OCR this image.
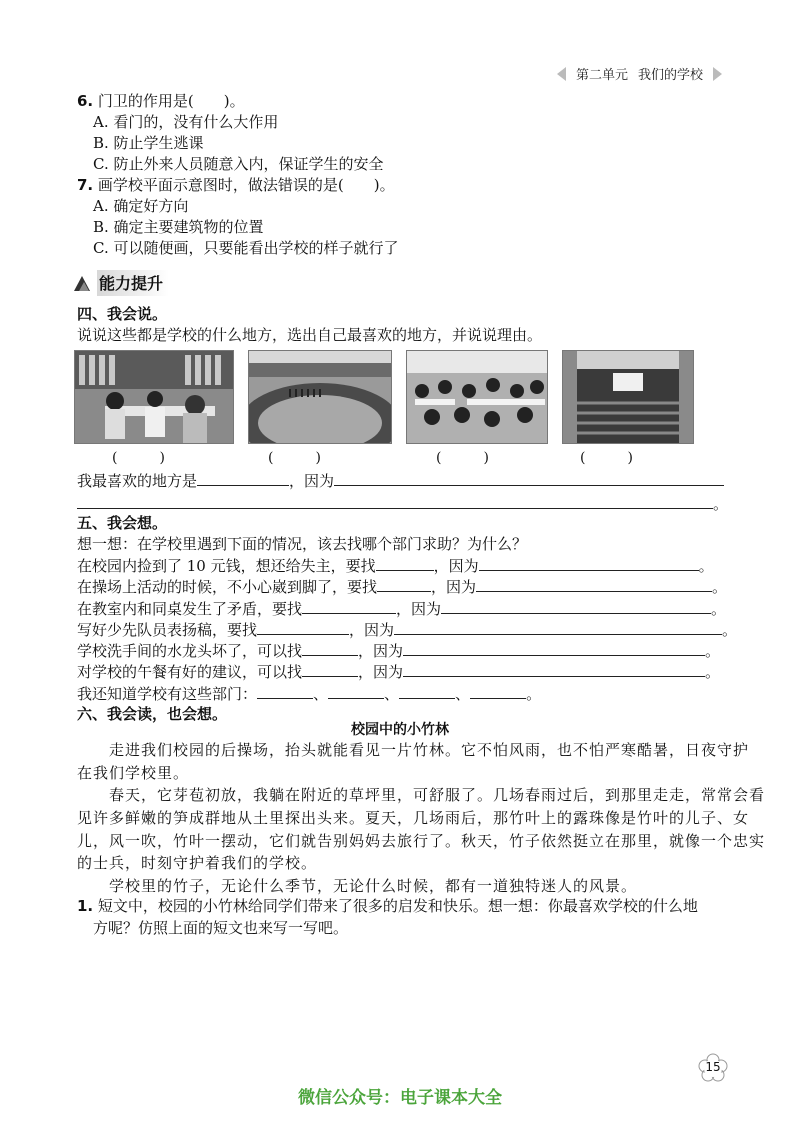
第二单元 我们的学校
6. 门卫的作用是(　　)。
A. 看门的，没有什么大作用
B. 防止学生逃课
C. 防止外来人员随意入内，保证学生的安全
7. 画学校平面示意图时，做法错误的是(　　)。
A. 确定好方向
B. 确定主要建筑物的位置
C. 可以随便画，只要能看出学校的样子就行了
能力提升
四、我会说。
说说这些都是学校的什么地方，选出自己最喜欢的地方，并说说理由。
(　　　)	(　　　)	(　　　)	(　　　)
我最喜欢的地方是	，因为
。
五、我会想。
想一想：在学校里遇到下面的情况，该去找哪个部门求助？为什么？
在校园内捡到了 10 元钱，想还给失主，要找	，因为	。
在操场上活动的时候，不小心崴到脚了，要找	，因为	。
在教室内和同桌发生了矛盾，要找	，因为	。
写好少先队员表扬稿，要找	，因为	。
学校洗手间的水龙头坏了，可以找	，因为	。
对学校的午餐有好的建议，可以找	，因为	。
我还知道学校有这些部门：	、	、	、	。
六、我会读，也会想。
校园中的小竹林
　　走进我们校园的后操场，抬头就能看见一片竹林。它不怕风雨，也不怕严寒酷暑，日夜守护
在我们学校里。
　　春天，它芽苞初放，我躺在附近的草坪里，可舒服了。几场春雨过后，到那里走走，常常会看
见许多鲜嫩的笋成群地从土里探出头来。夏天，几场雨后，那竹叶上的露珠像是竹叶的儿子、女
儿，风一吹，竹叶一摆动，它们就告别妈妈去旅行了。秋天，竹子依然挺立在那里，就像一个忠实
的士兵，时刻守护着我们的学校。
　　学校里的竹子，无论什么季节，无论什么时候，都有一道独特迷人的风景。
1. 短文中，校园的小竹林给同学们带来了很多的启发和快乐。想一想：你最喜欢学校的什么地
方呢？仿照上面的短文也来写一写吧。
15
微信公众号：电子课本大全
